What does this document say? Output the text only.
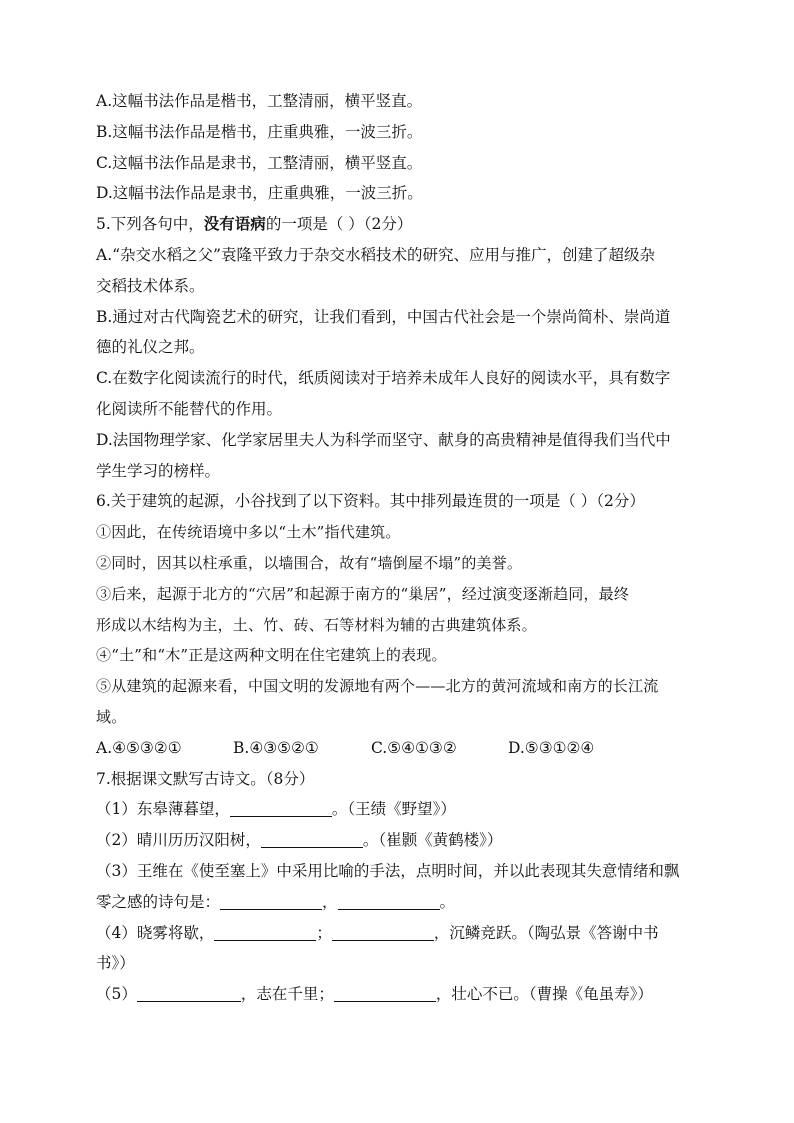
A.这幅书法作品是楷书，工整清丽，横平竖直。
B.这幅书法作品是楷书，庄重典雅，一波三折。
C.这幅书法作品是隶书，工整清丽，横平竖直。
D.这幅书法作品是隶书，庄重典雅，一波三折。
5.下列各句中，没有语病的一项是（ ）（2分）
A.“杂交水稻之父”袁隆平致力于杂交水稻技术的研究、应用与推广，创建了超级杂
交稻技术体系。
B.通过对古代陶瓷艺术的研究，让我们看到，中国古代社会是一个崇尚简朴、崇尚道
德的礼仪之邦。
C.在数字化阅读流行的时代，纸质阅读对于培养未成年人良好的阅读水平，具有数字
化阅读所不能替代的作用。
D.法国物理学家、化学家居里夫人为科学而坚守、献身的高贵精神是值得我们当代中
学生学习的榜样。
6.关于建筑的起源，小谷找到了以下资料。其中排列最连贯的一项是（ ）（2分）
①因此，在传统语境中多以“土木”指代建筑。
②同时，因其以柱承重，以墙围合，故有“墙倒屋不塌”的美誉。
③后来，起源于北方的“穴居”和起源于南方的“巢居”，经过演变逐渐趋同，最终
形成以木结构为主，土、竹、砖、石等材料为辅的古典建筑体系。
④“土”和“木”正是这两种文明在住宅建筑上的表现。
⑤从建筑的起源来看，中国文明的发源地有两个——北方的黄河流域和南方的长江流
域。
A.④⑤③②①	B.④③⑤②①	C.⑤④①③②	D.⑤③①②④
7.根据课文默写古诗文。（8分）
（1）东皋薄暮望，	。（王绩《野望》）
（2）晴川历历汉阳树，	。（崔颢《黄鹤楼》）
（3）王维在《使至塞上》中采用比喻的手法，点明时间，并以此表现其失意情绪和飘
零之感的诗句是：	，	。
（4）晓雾将歇，	；	，沉鳞竞跃。（陶弘景《答谢中书
书》）
（5）	，志在千里；	，壮心不已。（曹操《龟虽寿》）
